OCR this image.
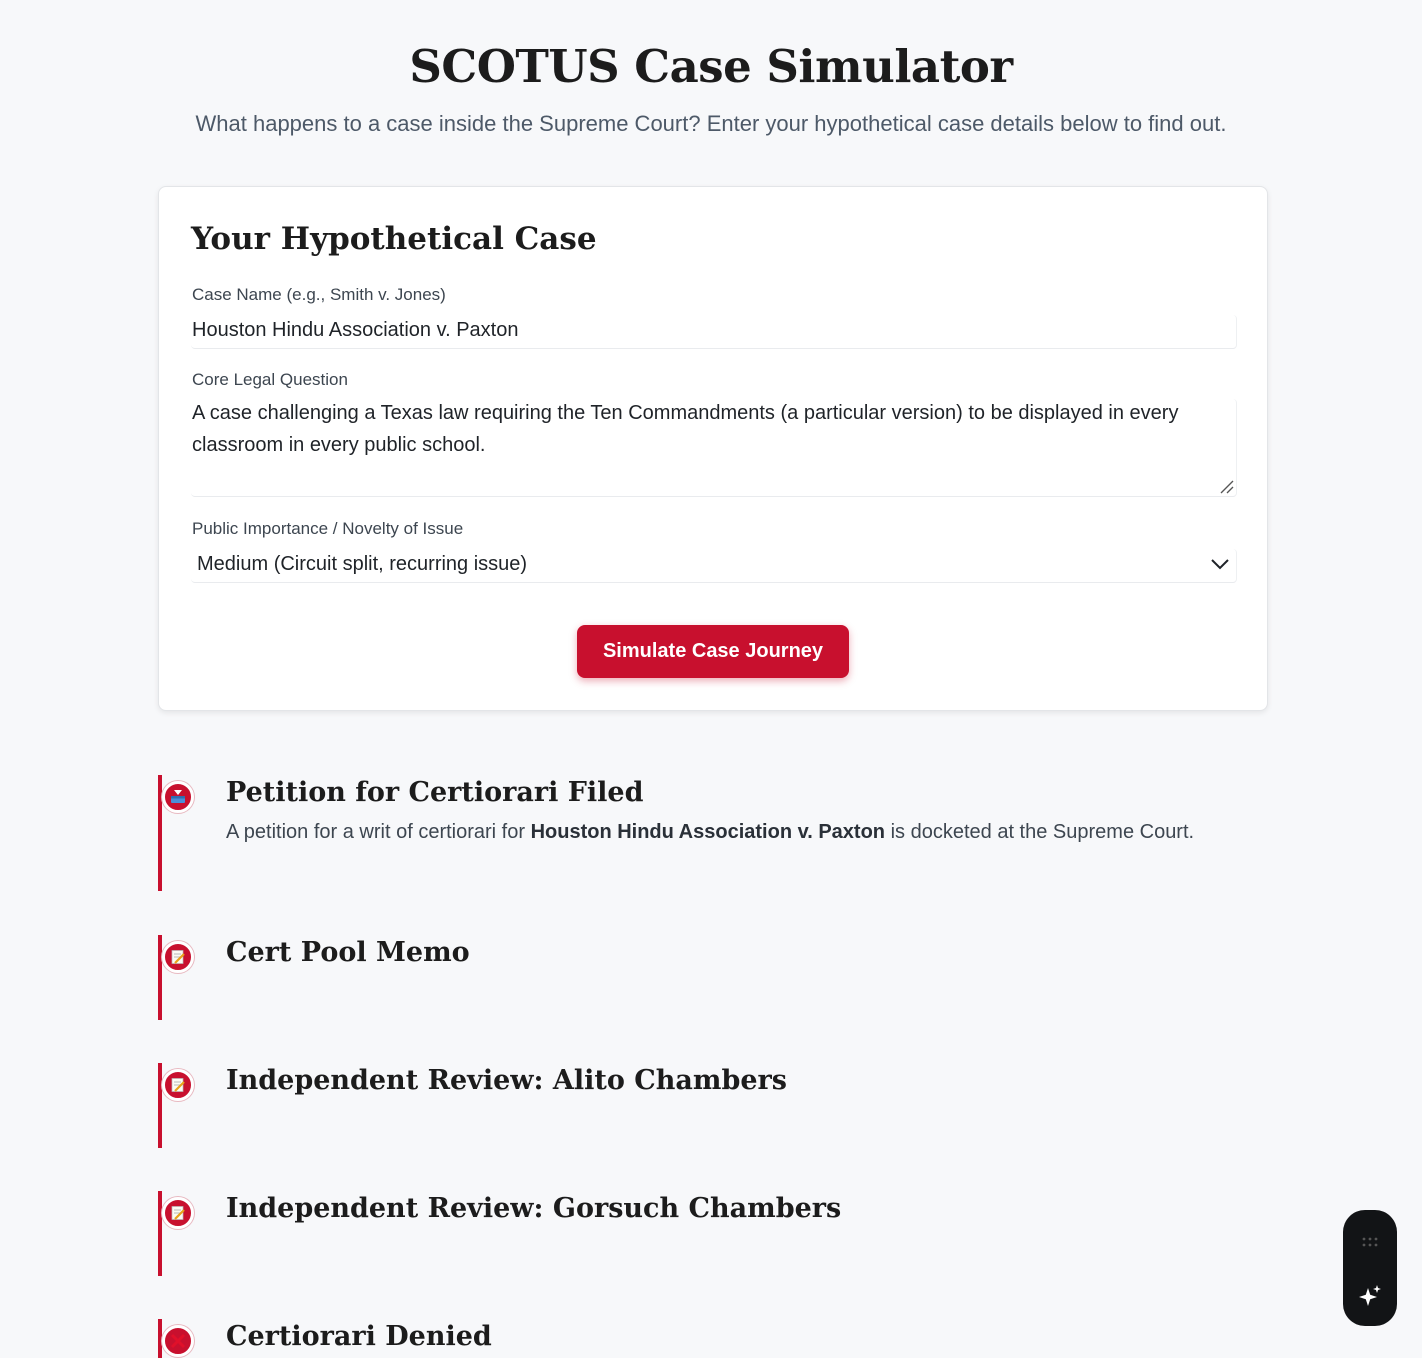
SCOTUS Case Simulator

What happens to a case inside the Supreme Court? Enter your hypothetical case details below to find out.

Your Hypothetical Case
Case Name (e.g., Smith v. Jones)
Houston Hindu Association v. Paxton
Core Legal Question
A case challenging a Texas law requiring the Ten Commandments (a particular version) to be displayed in every classroom in every public school.
Public Importance / Novelty of Issue
Medium (Circuit split, recurring issue)
Simulate Case Journey
Petition for Certiorari Filed
A petition for a writ of certiorari for Houston Hindu Association v. Paxton is docketed at the Supreme Court.
Cert Pool Memo
Independent Review: Alito Chambers
Independent Review: Gorsuch Chambers
Certiorari Denied
